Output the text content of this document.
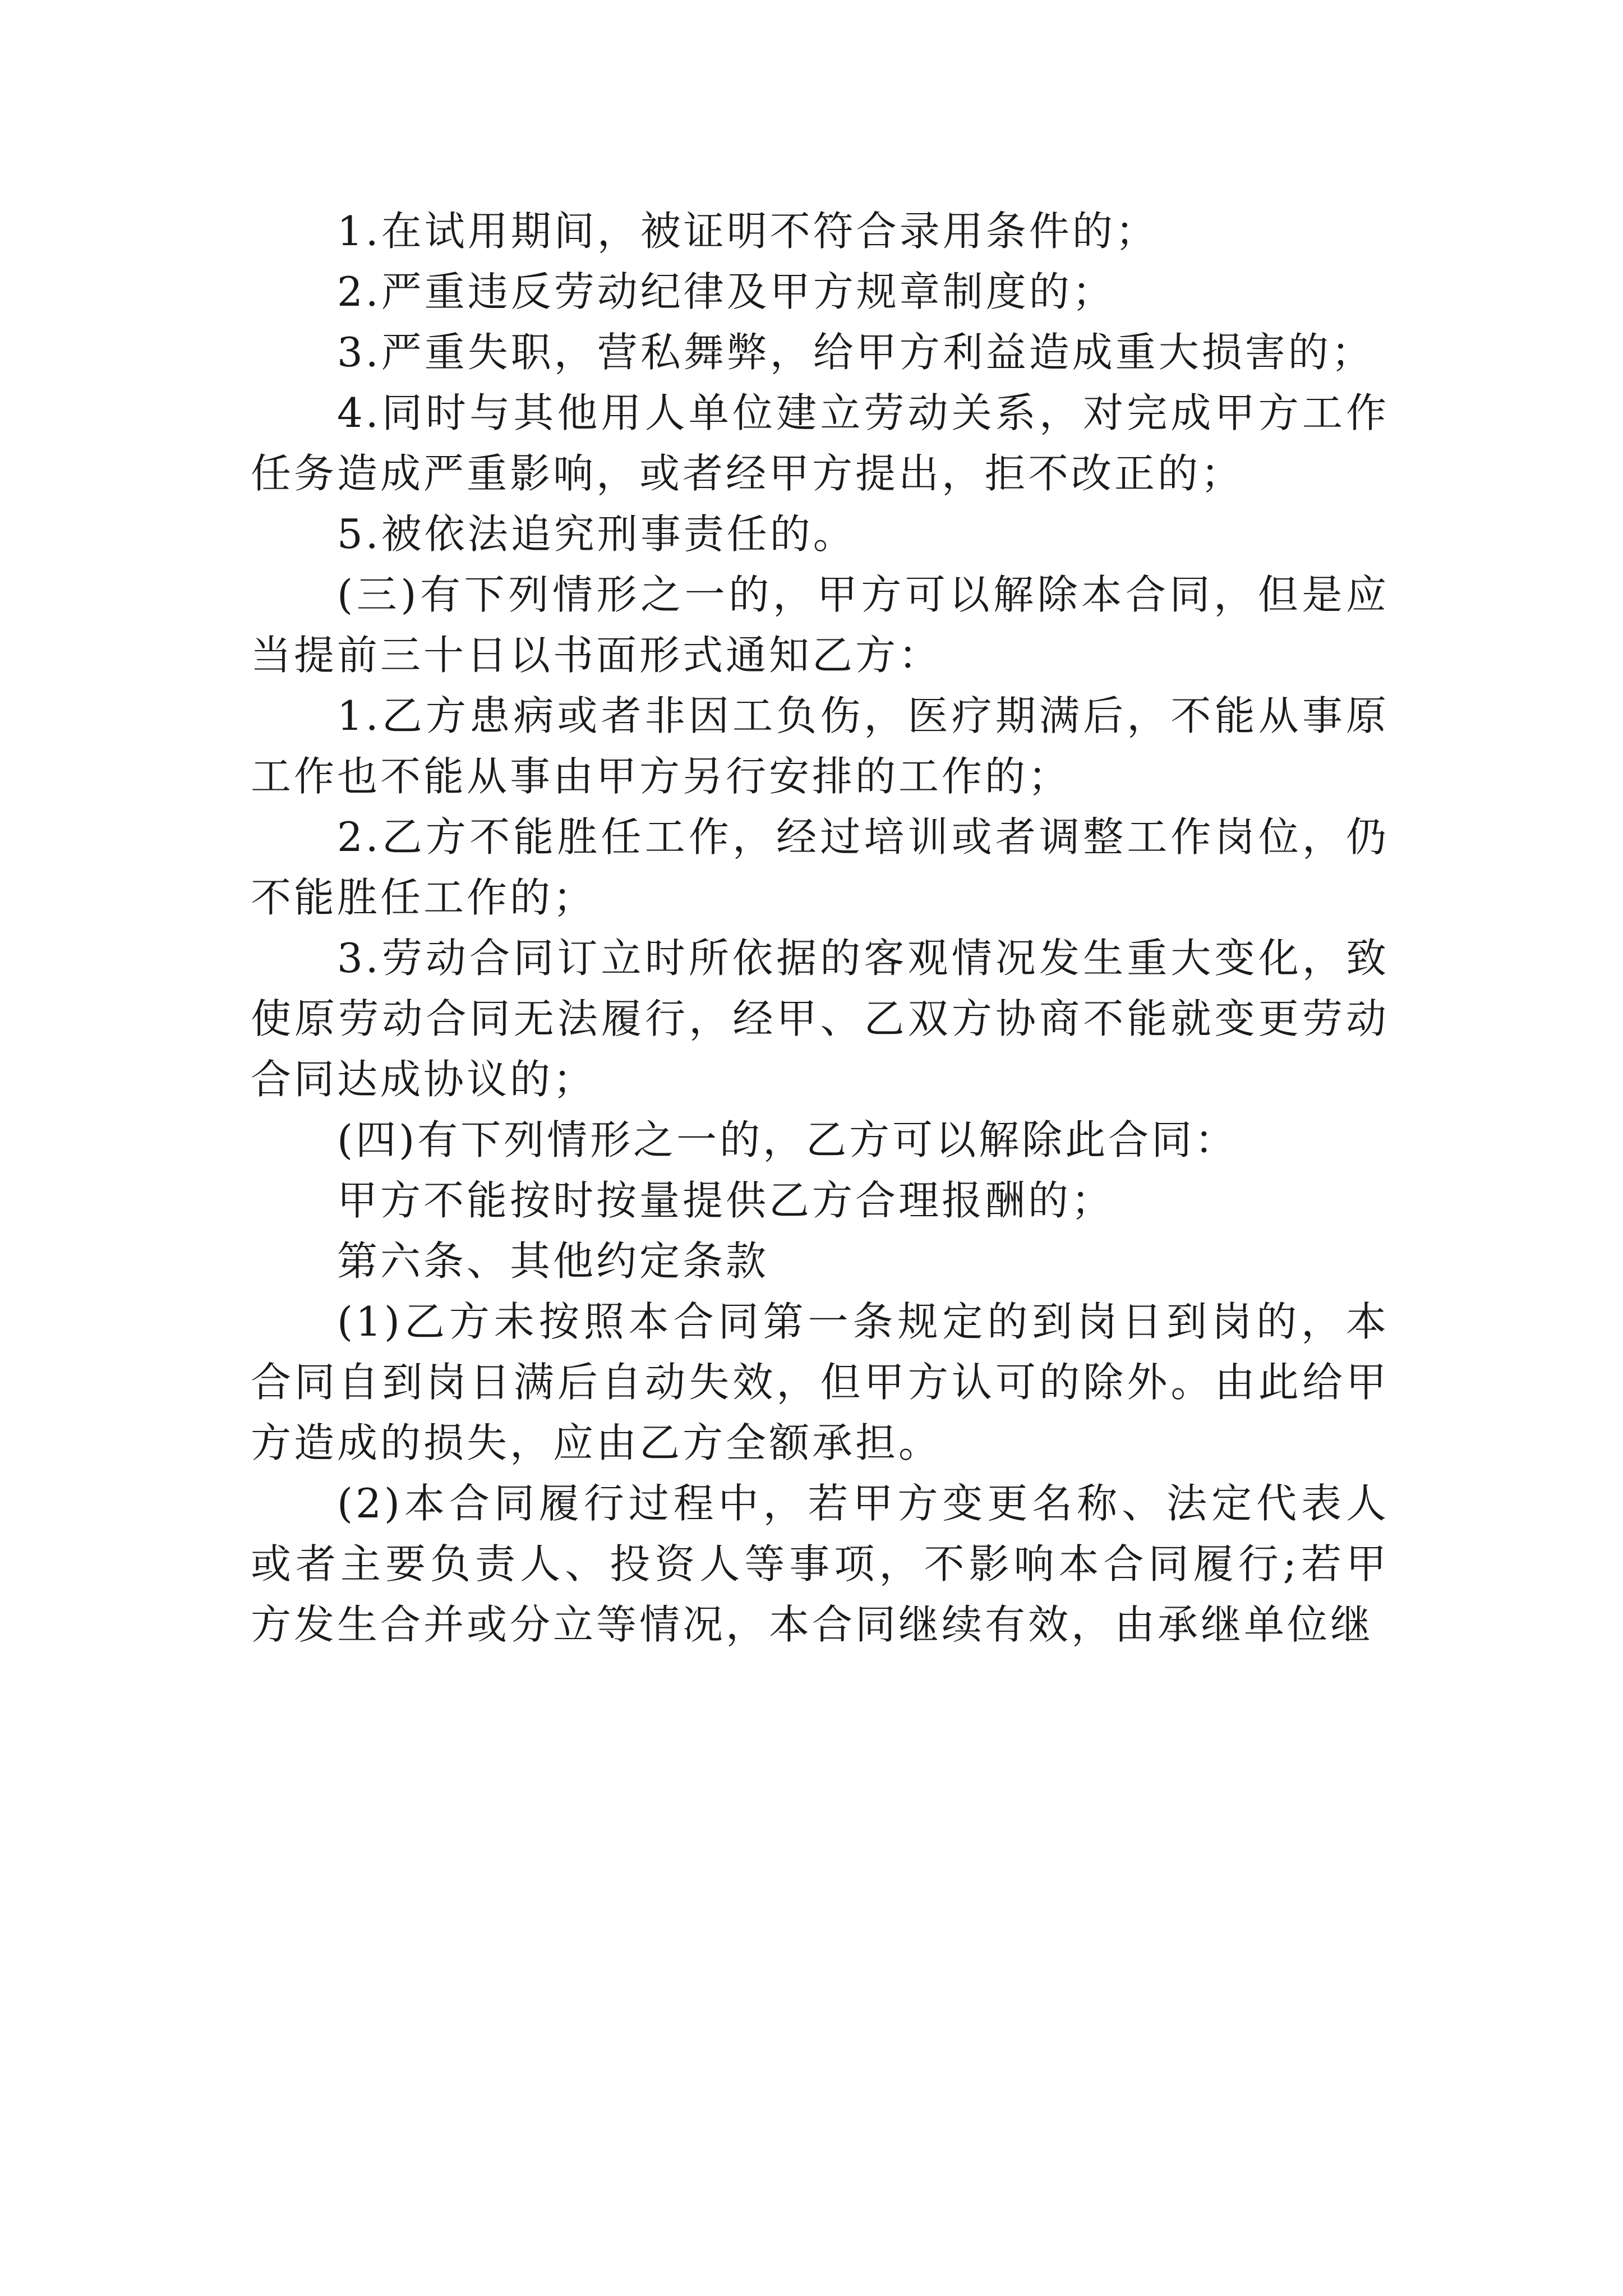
1.在试用期间，被证明不符合录用条件的；

2.严重违反劳动纪律及甲方规章制度的；

3.严重失职，营私舞弊，给甲方利益造成重大损害的；

4.同时与其他用人单位建立劳动关系，对完成甲方工作任务造成严重影响，或者经甲方提出，拒不改正的；

5.被依法追究刑事责任的。

(三)有下列情形之一的，甲方可以解除本合同，但是应当提前三十日以书面形式通知乙方：

1.乙方患病或者非因工负伤，医疗期满后，不能从事原工作也不能从事由甲方另行安排的工作的；

2.乙方不能胜任工作，经过培训或者调整工作岗位，仍不能胜任工作的；

3.劳动合同订立时所依据的客观情况发生重大变化，致使原劳动合同无法履行，经甲、乙双方协商不能就变更劳动合同达成协议的；

(四)有下列情形之一的，乙方可以解除此合同：

甲方不能按时按量提供乙方合理报酬的；

第六条、其他约定条款

(1)乙方未按照本合同第一条规定的到岗日到岗的，本合同自到岗日满后自动失效，但甲方认可的除外。由此给甲方造成的损失，应由乙方全额承担。

(2)本合同履行过程中，若甲方变更名称、法定代表人或者主要负责人、投资人等事项，不影响本合同履行;若甲方发生合并或分立等情况，本合同继续有效，由承继单位继
